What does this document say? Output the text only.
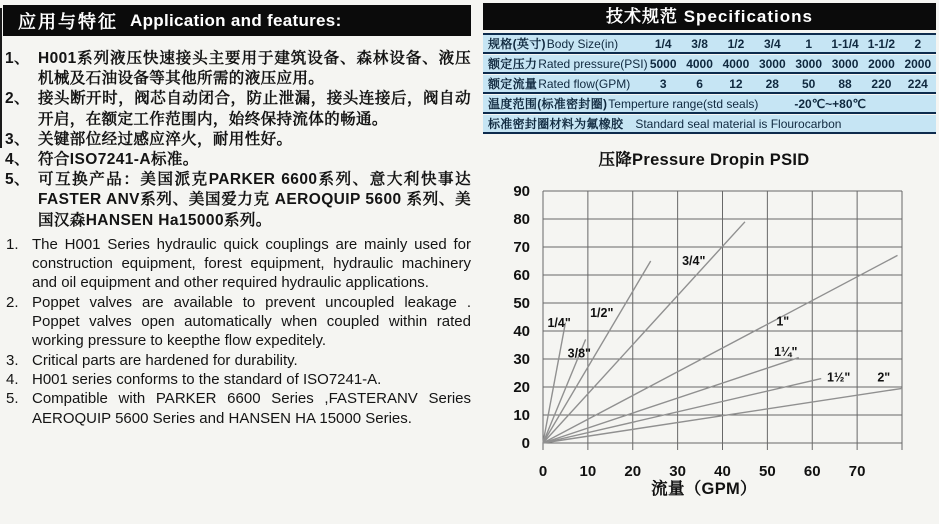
应用与特征 Application and features:
1、 H001系列液压快速接头主要用于建筑设备、森林设备、液压机械及石油设备等其他所需的液压应用。
2、 接头断开时，阀芯自动闭合，防止泄漏，接头连接后，阀自动开启，在额定工作范围内，始终保持流体的畅通。
3、 关键部位经过感应淬火，耐用性好。
4、 符合ISO7241-A标准。
5、 可互换产品：美国派克PARKER 6600系列、意大利快事达 FASTER ANV系列、美国爱力克 AEROQUIP 5600 系列、美国汉森HANSEN Ha15000系列。
1. The H001 Series hydraulic quick couplings are mainly used for construction equipment, forest equipment, hydraulic machinery and oil equipment and other required hydraulic applications.
2. Poppet valves are available to prevent uncoupled leakage . Poppet valves open automatically when coupled within rated working pressure to keepthe flow expeditely.
3. Critical parts are hardened for durability.
4. H001 series conforms to the standard of ISO7241-A.
5. Compatible with PARKER 6600 Series ,FASTERANV Series AEROQUIP 5600 Series and HANSEN HA 15000 Series.
技术规范 Specifications
规格(英寸)Body Size(in)	1/4	3/8	1/2	3/4	1	1-1/4 1-1/2	2
额定压力Rated pressure(PSI) 5000 4000 4000 3000 3000 3000 2000 2000
额定流量Rated flow(GPM)	3	6	12	28	50	88	220	224
温度范围(标准密封圈)Temperture range(std seals)	-20℃~+80℃
标准密封圈材料为氟橡胶 Standard seal material is Flourocarbon
0 10 20 30 40 50 60 70
0
10
20
30
40
50
60
70
80
90
1/4"
3/8"
1/2"
3/4"
1"
1¼"
1½" 2"
压降Pressure Dropin PSID
流量（GPM）
